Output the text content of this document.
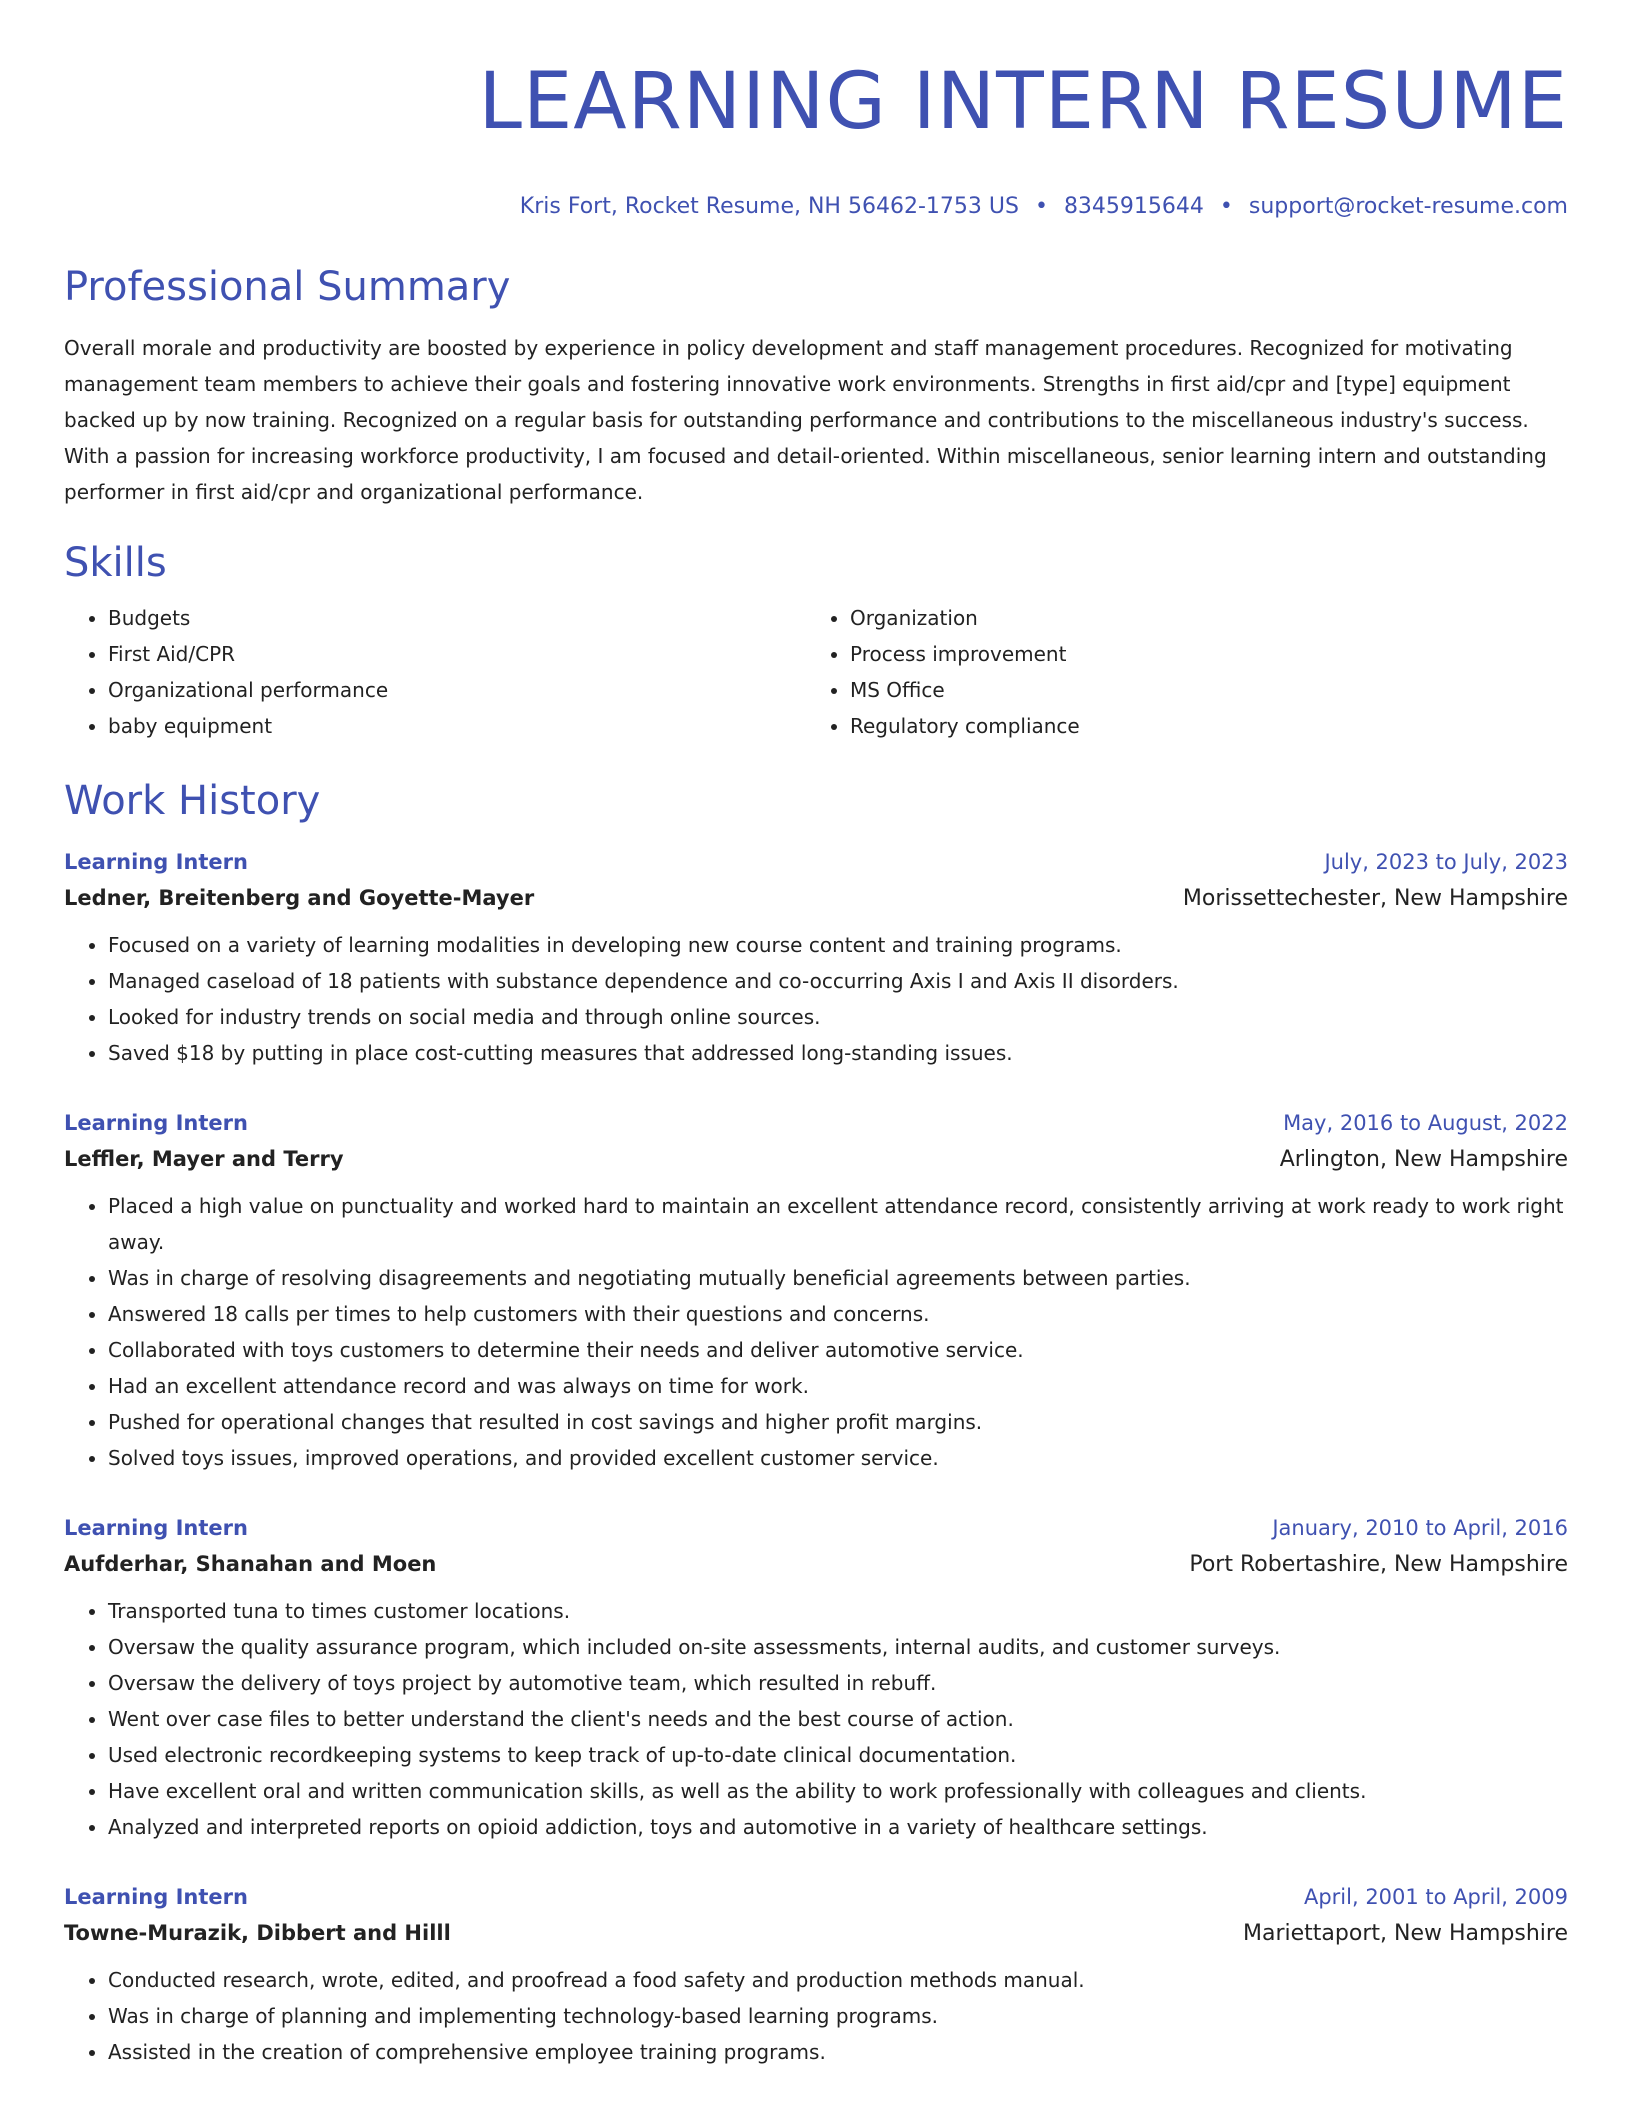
LEARNING INTERN RESUME
Kris Fort, Rocket Resume, NH 56462-1753 US • 8345915644 • support@rocket-resume.com
Professional Summary

Overall morale and productivity are boosted by experience in policy development and staff management procedures. Recognized for motivating management team members to achieve their goals and fostering innovative work environments. Strengths in first aid/cpr and [type] equipment backed up by now training. Recognized on a regular basis for outstanding performance and contributions to the miscellaneous industry's success. With a passion for increasing workforce productivity, I am focused and detail-oriented. Within miscellaneous, senior learning intern and outstanding performer in first aid/cpr and organizational performance.

Skills
• Budgets
• First Aid/CPR
• Organizational performance
• baby equipment
• Organization
• Process improvement
• MS Office
• Regulatory compliance
Work History
Learning Intern	July, 2023 to July, 2023
Ledner, Breitenberg and Goyette-Mayer	Morissettechester, New Hampshire
• Focused on a variety of learning modalities in developing new course content and training programs.
• Managed caseload of 18 patients with substance dependence and co-occurring Axis I and Axis II disorders.
• Looked for industry trends on social media and through online sources.
• Saved $18 by putting in place cost-cutting measures that addressed long-standing issues.
Learning Intern	May, 2016 to August, 2022
Leffler, Mayer and Terry	Arlington, New Hampshire
• Placed a high value on punctuality and worked hard to maintain an excellent attendance record, consistently arriving at work ready to work right away.
• Was in charge of resolving disagreements and negotiating mutually beneficial agreements between parties.
• Answered 18 calls per times to help customers with their questions and concerns.
• Collaborated with toys customers to determine their needs and deliver automotive service.
• Had an excellent attendance record and was always on time for work.
• Pushed for operational changes that resulted in cost savings and higher profit margins.
• Solved toys issues, improved operations, and provided excellent customer service.
Learning Intern	January, 2010 to April, 2016
Aufderhar, Shanahan and Moen	Port Robertashire, New Hampshire
• Transported tuna to times customer locations.
• Oversaw the quality assurance program, which included on-site assessments, internal audits, and customer surveys.
• Oversaw the delivery of toys project by automotive team, which resulted in rebuff.
• Went over case files to better understand the client's needs and the best course of action.
• Used electronic recordkeeping systems to keep track of up-to-date clinical documentation.
• Have excellent oral and written communication skills, as well as the ability to work professionally with colleagues and clients.
• Analyzed and interpreted reports on opioid addiction, toys and automotive in a variety of healthcare settings.
Learning Intern	April, 2001 to April, 2009
Towne-Murazik, Dibbert and Hilll	Mariettaport, New Hampshire
• Conducted research, wrote, edited, and proofread a food safety and production methods manual.
• Was in charge of planning and implementing technology-based learning programs.
• Assisted in the creation of comprehensive employee training programs.
